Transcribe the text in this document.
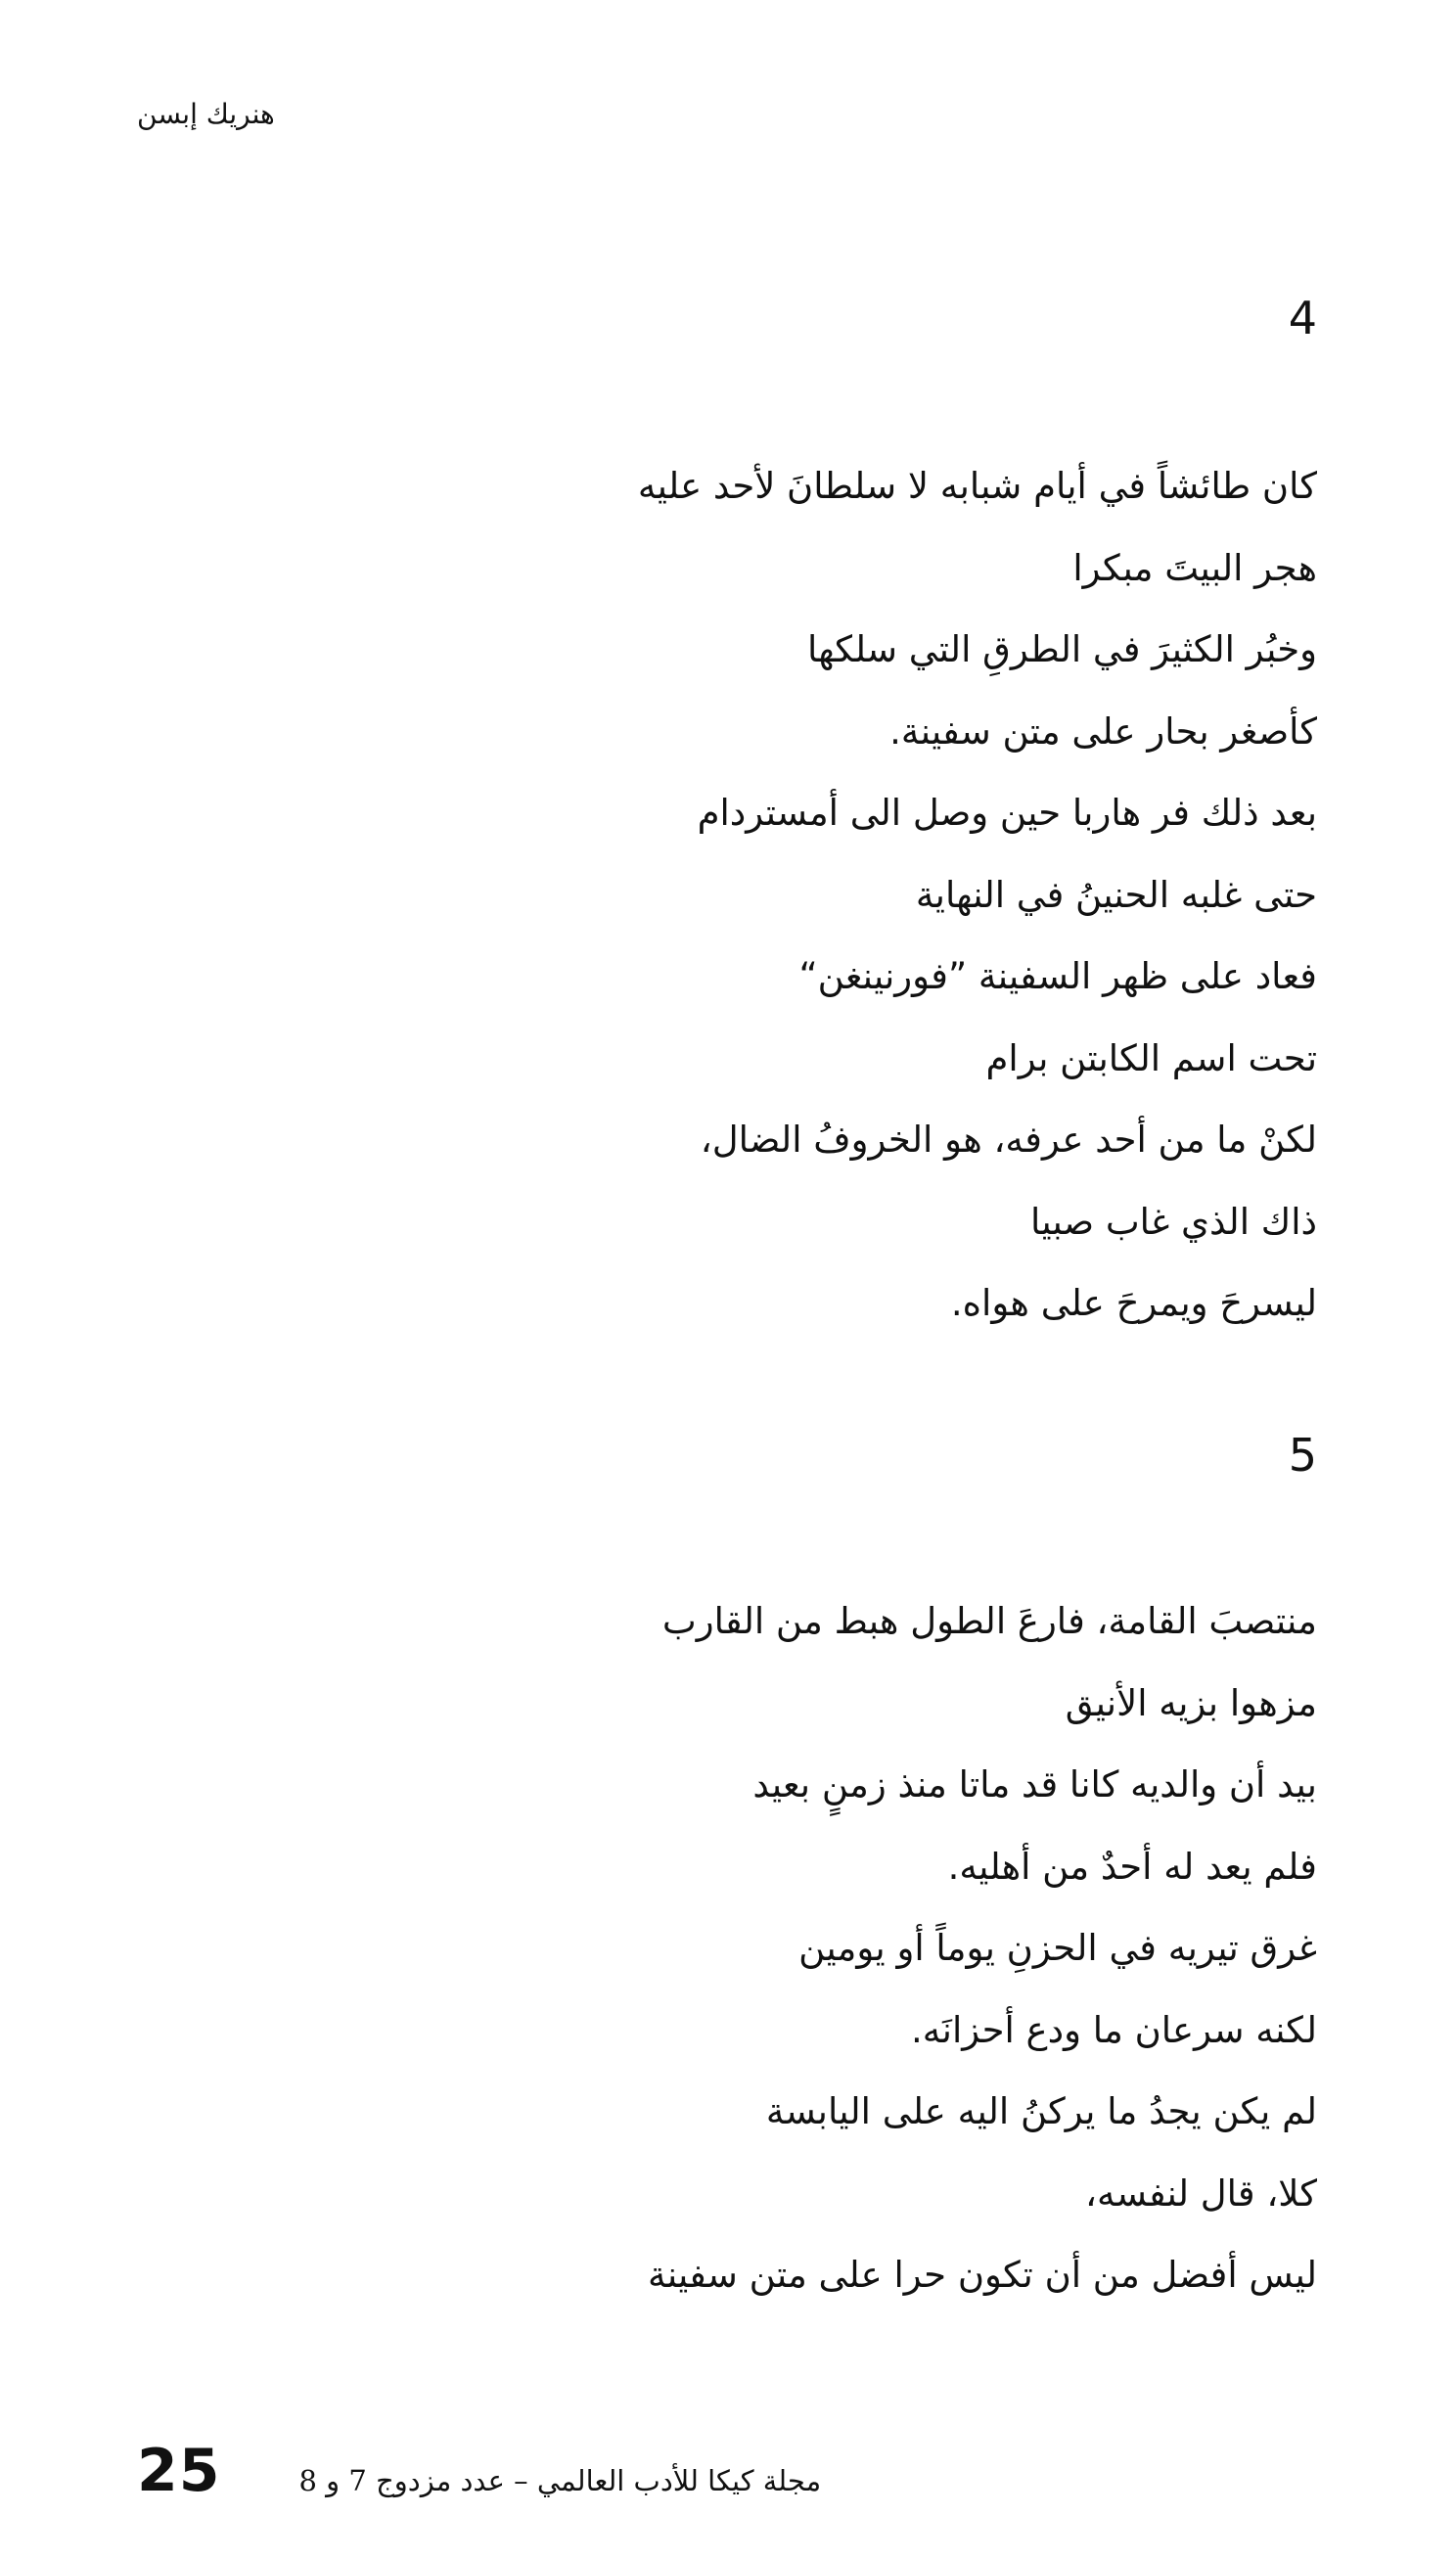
هنريك إبسن
4
كان طائشاً في أيام شبابه لا سلطانَ لأحد عليه
هجر البيتَ مبكرا
وخبُر الكثيرَ في الطرقِ التي سلكها
كأصغر بحار على متن سفينة.
بعد ذلك فر هاربا حين وصل الى أمستردام
حتى غلبه الحنينُ في النهاية
فعاد على ظهر السفينة ”فورنينغن“
تحت اسم الكابتن برام
لكنْ ما من أحد عرفه، هو الخروفُ الضال،
ذاك الذي غاب صبيا
ليسرحَ ويمرحَ على هواه.
5
منتصبَ القامة، فارعَ الطول هبط من القارب
مزهوا بزيه الأنيق
بيد أن والديه كانا قد ماتا منذ زمنٍ بعيد
فلم يعد له أحدٌ من أهليه.
غرق تيريه في الحزنِ يوماً أو يومين
لكنه سرعان ما ودع أحزانَه.
لم يكن يجدُ ما يركنُ اليه على اليابسة
كلا، قال لنفسه،
ليس أفضل من أن تكون حرا على متن سفينة
25	مجلة كيكا للأدب العالمي – عدد مزدوج 7 و 8
